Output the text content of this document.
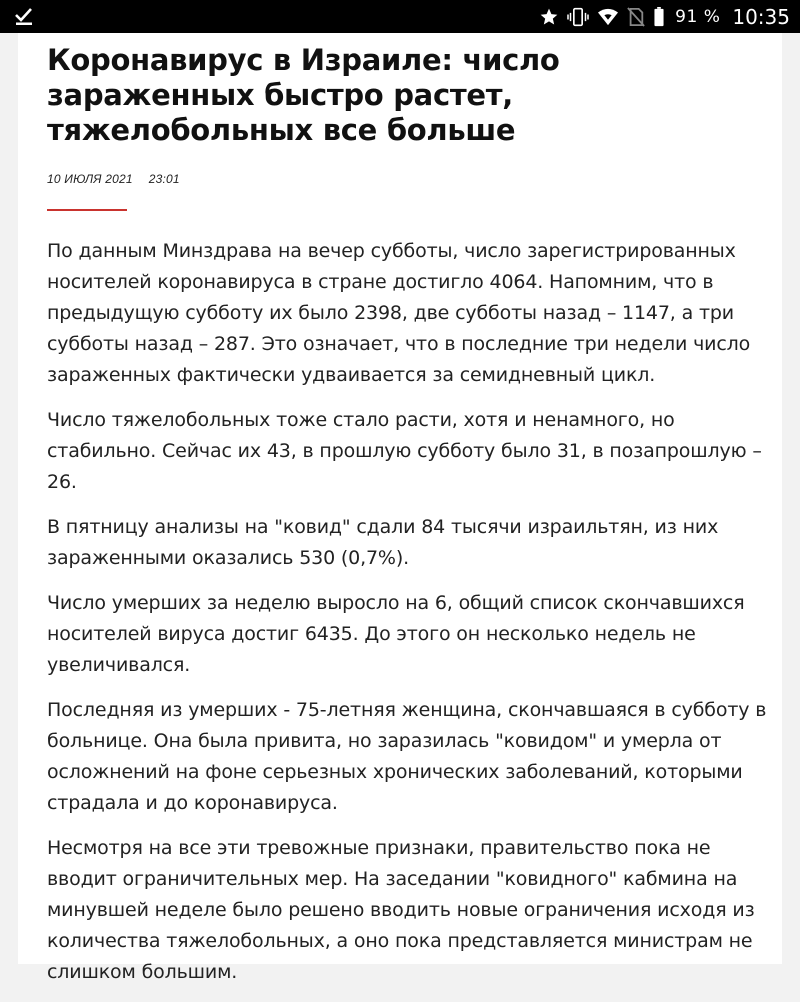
91 % 10:35
Коронавирус в Израиле: число зараженных быстро растет, тяжелобольных все больше
10 ИЮЛЯ 2021 23:01

По данным Минздрава на вечер субботы, число зарегистрированных носителей коронавируса в стране достигло 4064. Напомним, что в предыдущую субботу их было 2398, две субботы назад – 1147, а три субботы назад – 287. Это означает, что в последние три недели число зараженных фактически удваивается за семидневный цикл.

Число тяжелобольных тоже стало расти, хотя и ненамного, но стабильно. Сейчас их 43, в прошлую субботу было 31, в позапрошлую – 26.

В пятницу анализы на "ковид" сдали 84 тысячи израильтян, из них зараженными оказались 530 (0,7%).

Число умерших за неделю выросло на 6, общий список скончавшихся носителей вируса достиг 6435. До этого он несколько недель не увеличивался.

Последняя из умерших - 75-летняя женщина, скончавшаяся в субботу в больнице. Она была привита, но заразилась "ковидом" и умерла от осложнений на фоне серьезных хронических заболеваний, которыми страдала и до коронавируса.

Несмотря на все эти тревожные признаки, правительство пока не вводит ограничительных мер. На заседании "ковидного" кабмина на минувшей неделе было решено вводить новые ограничения исходя из количества тяжелобольных, а оно пока представляется министрам не слишком большим.
